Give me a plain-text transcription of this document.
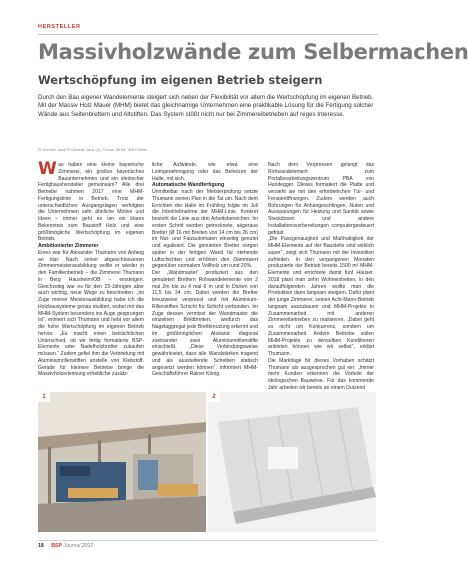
HERSTELLER
Massivholzwände zum Selbermachen
Wertschöpfung im eigenen Betrieb steigern

Durch den Bau eigener Wandelemente steigert sich neben der Flexibilität vor allem die Wertschöpfung im eigenen Betrieb. Mit der Massiv Holz Mauer (MHM) bietet das gleichnamige Unternehmen eine praktikable Lösung für die Fertigung solcher Wände aus Seitenbrettern und Altstiften. Das System stößt nicht nur bei Zimmereibetrieben auf reges Interesse.

Fl.Günther Jauk Fl.Günther Jauk (2), Fichus, MHM, Veit Fröhler

Was haben eine kleine bayerische Zimmerei, ein großes bayerisches Bauunternehmen und ein steirischer Fertighaushersteller gemeinsam? Alle drei Betriebe nahmen 2017 eine MHM-Fertigungslinie in Betrieb. Trotz der unterschiedlichen Ausgangslagen verfolgten die Unternehmen sehr ähnliche Motive und Ideen – immer geht es um ein klares Bekenntnis zum Baustoff Holz und eine größtmögliche Wertschöpfung im eigenen Betrieb.

Ambitionierter Zimmerer

Eines war für Alexander Thumann von Anfang an klar: Nach seiner abgeschlossenen Zimmermeisterausbildung wollte er wieder in den Familienbetrieb – die Zimmerei Thumann in Berg Hausheim/OB – einsteigen. Gleichzeitig war es für den 23-Jährigen aber auch wichtig, neue Wege zu beschreiten. „Im Zuge meiner Meisterausbildung habe ich die Holzbausysteme genau studiert, wobei mir das MHM-System besonders ins Auge gesprungen ist“, erinnert sich Thumann und hebt vor allem die hohe Wertschöpfung im eigenen Betrieb hervor. „Es macht einen beträchtlichen Unterschied, ob wir fertig formatierte BSP-Elemente oder Nadelholzbretter zukaufen müssen.“ Zudem gefiel ihm die Verbindung mit Aluminiumrillenstiften anstelle von Klebstoff. Gerade für kleinere Betriebe bringe die Massivholzerleimung erhebliche zusätz-

liche Aufwände, wie etwa eine Leimgenehmigung oder das Beheizen der Halle, mit sich.

Automatische Wandfertigung

Unmittelbar nach der Meisterprüfung setzte Thumann seinen Plan in die Tat um. Nach dem Errichten der Halle im Frühling folgte im Juli die Inbetriebnahme der MHM-Linie. Konkret besteht die Linie aus drei Arbeitsbereichen. Im ersten Schritt werden getrocknete, sägeraue Bretter (Ø 16 mit Breiten von 14 cm bis 26 cm) im Nut- und Falzautomaten einseitig genutet und egalisiert. Die genuteten Bretter sorgen später in der fertigen Wand für stehende Luftschichten und erhöhen den Dämmwert gegenüber normalem Vollholz um rund 20%.

Der „Wandmaster“ produziert aus den genuteten Brettern Rohwandelemente von 2 mal 2m bis zu 4 mal 6 m und in Dicken von 11,5 bis 34 cm. Dabei werden die Bretter kreuzweise verpresst und mit Aluminium-Rillenstiften Schicht für Schicht verbunden. Im Zuge dessen vermisst der Wandmaster die einzelnen Brettbreiten, wodurch das Nagelaggregat jede Brettkreuzung erkennt und im größtmöglichen Abstand diagonal zueinander zwei Aluminiumrillenstifte einschießt. „Diese Verbindungsweise gewährleistet, dass alle Wandstärken tragend und als aussteifende Scheiben statisch angesetzt werden können“, informiert MHM-Geschäftsführer Rainer König.

Nach dem Verpressen gelangt das Rohwandelement zum Portalbearbeitungszentrum PBA von Hundegger. Dieses formatiert die Platte und versieht sie mit den erforderlichen Tür- und Fensteröffnungen. Zudem werden auch Bohrungen für Anhängeschlingen, Nuten und Aussparungen für Heizung und Sanität sowie Steckdosen und andere Installationsvorbereitungen computergesteuert gefräst.

„Die Passgenauigkeit und Maßhaltigkeit der MHM-Elemente auf der Baustelle sind wirklich super“, zeigt sich Thumann mit der Investition zufrieden. In den vergangenen Monaten produzierte der Betrieb bereits 1500 m² MHM-Elemente und errichtete damit fünf Häuser. 2018 plant man zehn Wohneinheiten, in den darauffolgenden Jahren wollte man die Produktion dann langsam steigern. Dafür plant der junge Zimmerer, seinen Acht-Mann-Betrieb langsam auszubauen und MHM-Projekte in Zusammenarbeit mit anderen Zimmereibetrieben zu realisieren. „Dabei geht es nicht um Konkurrenz, sondern um Zusammenarbeit. Andere Betriebe sollen MHM-Projekte zu denselben Konditionen anbieten können wie wir selbst“, erklärt Thumann.

Die Marktlage für dieses Vorhaben schätzt Thumann als ausgesprochen gut ein: „Immer mehr Kunden erkennen die Vorteile der ökologischen Bauweise. Für das kommende Jahr arbeiten wir bereits an einem Dutzend

1	2
18 BSP Journal 2017
